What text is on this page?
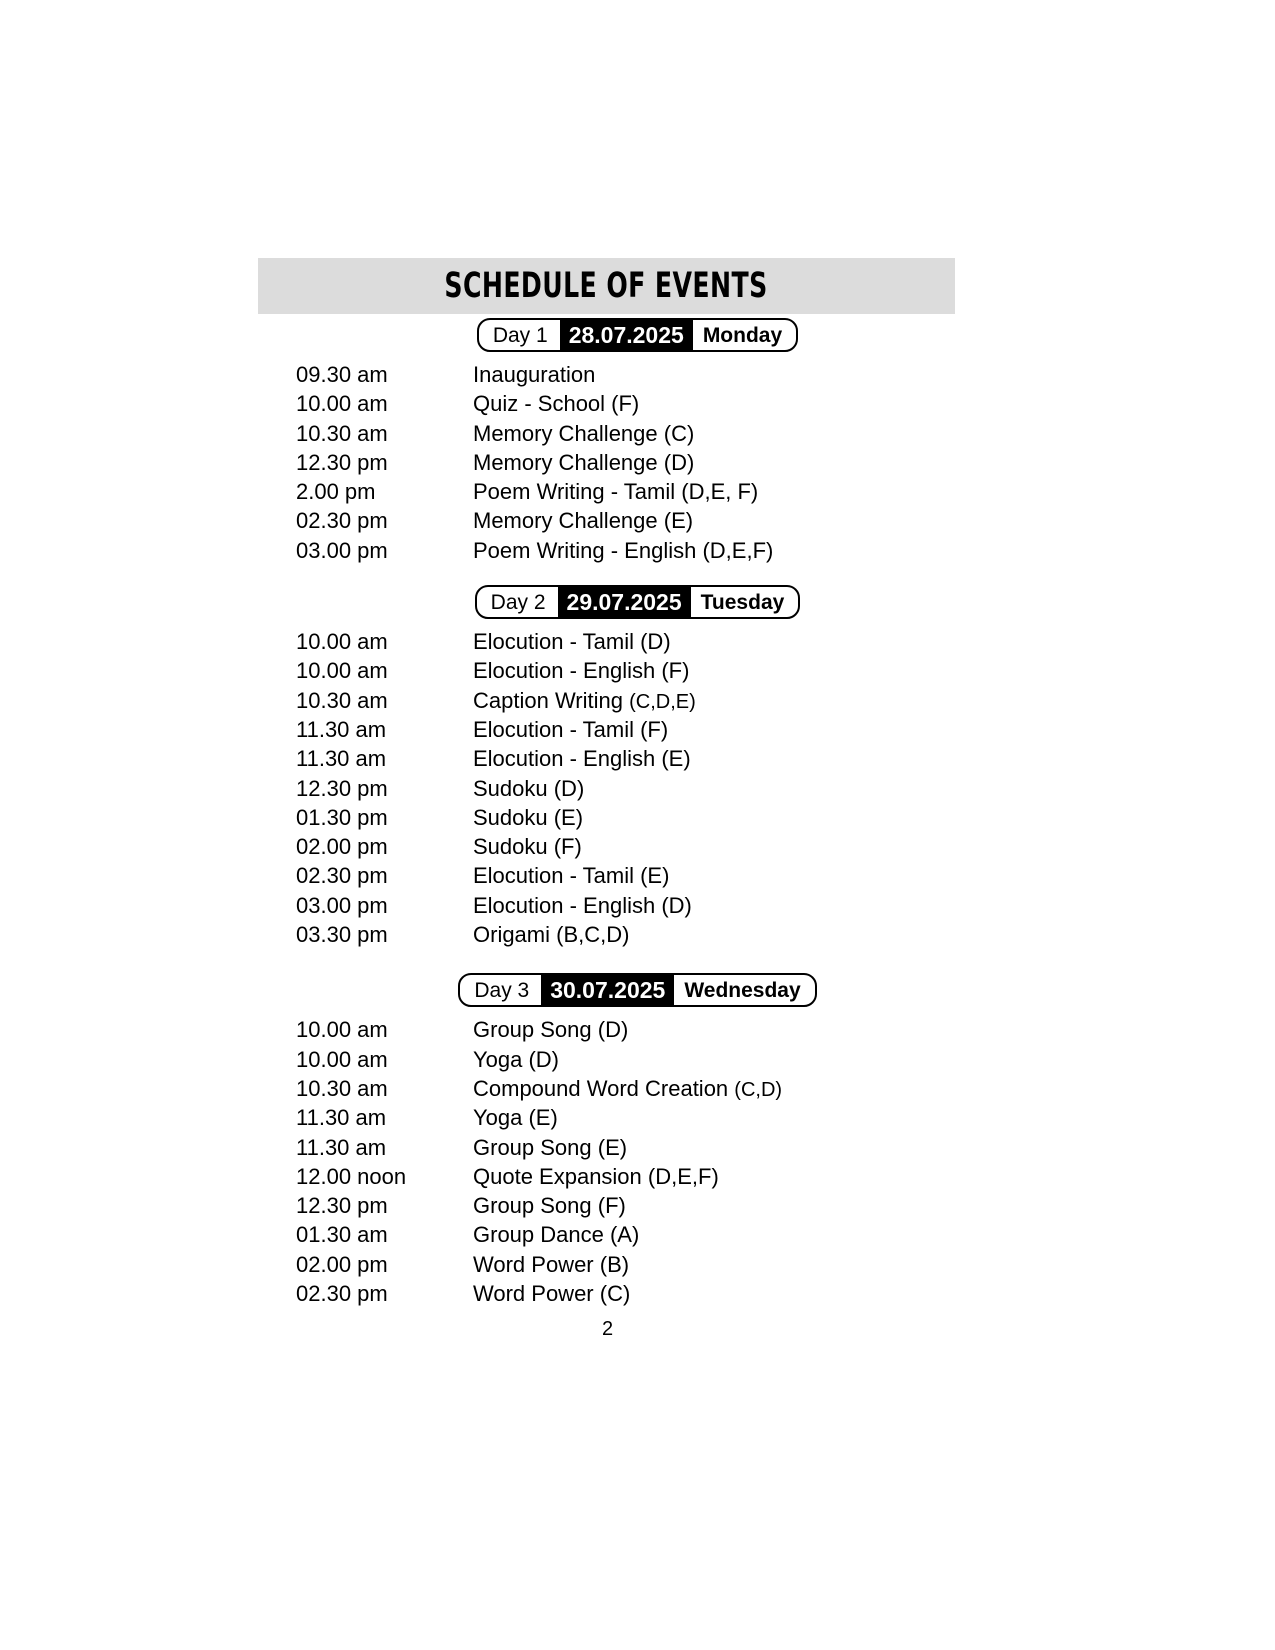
SCHEDULE OF EVENTS
Day 1 28.07.2025 Monday
09.30 am	Inauguration
10.00 am	Quiz - School (F)
10.30 am	Memory Challenge (C)
12.30 pm	Memory Challenge (D)
2.00 pm	Poem Writing - Tamil (D,E, F)
02.30 pm	Memory Challenge (E)
03.00 pm	Poem Writing - English (D,E,F)
Day 2 29.07.2025 Tuesday
10.00 am	Elocution - Tamil (D)
10.00 am	Elocution - English (F)
10.30 am	Caption Writing (C,D,E)
11.30 am	Elocution - Tamil (F)
11.30 am	Elocution - English (E)
12.30 pm	Sudoku (D)
01.30 pm	Sudoku (E)
02.00 pm	Sudoku (F)
02.30 pm	Elocution - Tamil (E)
03.00 pm	Elocution - English (D)
03.30 pm	Origami (B,C,D)
Day 3 30.07.2025 Wednesday
10.00 am	Group Song (D)
10.00 am	Yoga (D)
10.30 am	Compound Word Creation (C,D)
11.30 am	Yoga (E)
11.30 am	Group Song (E)
12.00 noon	Quote Expansion (D,E,F)
12.30 pm	Group Song (F)
01.30 am	Group Dance (A)
02.00 pm	Word Power (B)
02.30 pm	Word Power (C)
2
